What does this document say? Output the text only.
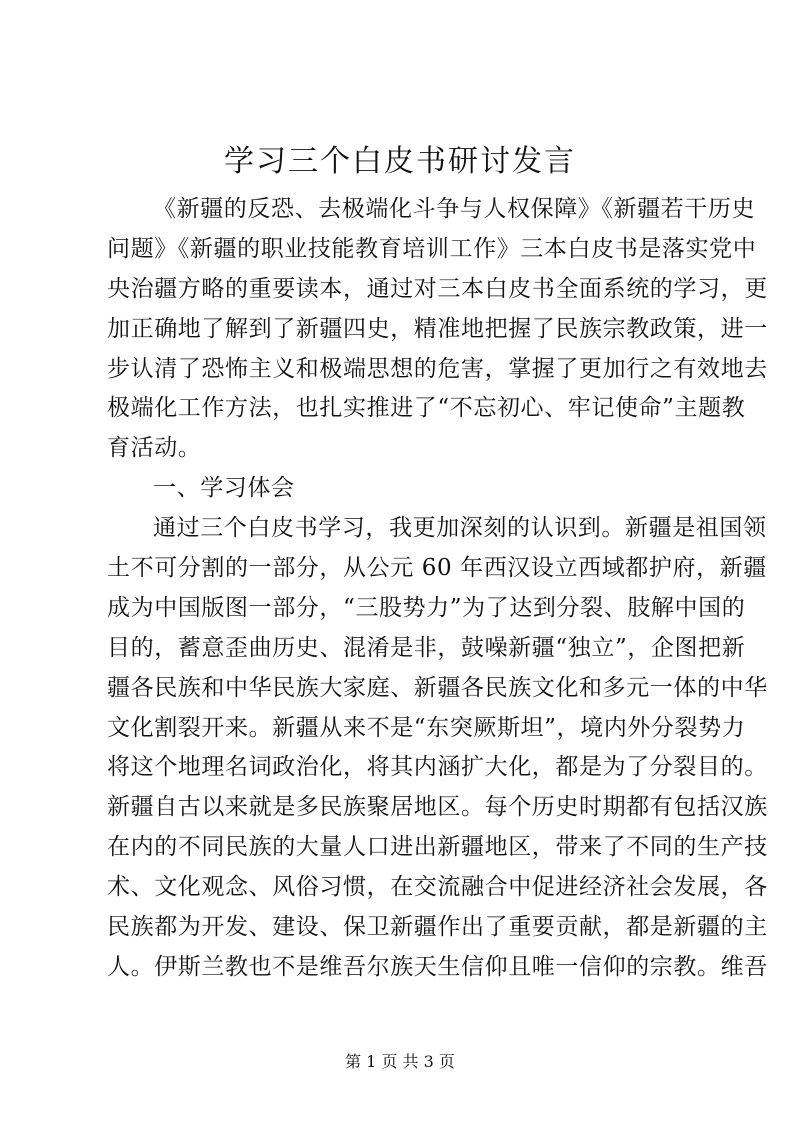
学习三个白皮书研讨发言
《新疆的反恐、去极端化斗争与人权保障》《新疆若干历史
问题》《新疆的职业技能教育培训工作》三本白皮书是落实党中
央治疆方略的重要读本，通过对三本白皮书全面系统的学习，更
加正确地了解到了新疆四史，精准地把握了民族宗教政策，进一
步认清了恐怖主义和极端思想的危害，掌握了更加行之有效地去
极端化工作方法，也扎实推进了“不忘初心、牢记使命”主题教
育活动。
一、学习体会
通过三个白皮书学习，我更加深刻的认识到。新疆是祖国领
土不可分割的一部分，从公元 60 年西汉设立西域都护府，新疆
成为中国版图一部分，“三股势力”为了达到分裂、肢解中国的
目的，蓄意歪曲历史、混淆是非，鼓噪新疆“独立”，企图把新
疆各民族和中华民族大家庭、新疆各民族文化和多元一体的中华
文化割裂开来。新疆从来不是“东突厥斯坦”，境内外分裂势力
将这个地理名词政治化，将其内涵扩大化，都是为了分裂目的。
新疆自古以来就是多民族聚居地区。每个历史时期都有包括汉族
在内的不同民族的大量人口进出新疆地区，带来了不同的生产技
术、文化观念、风俗习惯，在交流融合中促进经济社会发展，各
民族都为开发、建设、保卫新疆作出了重要贡献，都是新疆的主
人。伊斯兰教也不是维吾尔族天生信仰且唯一信仰的宗教。维吾
第 1 页 共 3 页
